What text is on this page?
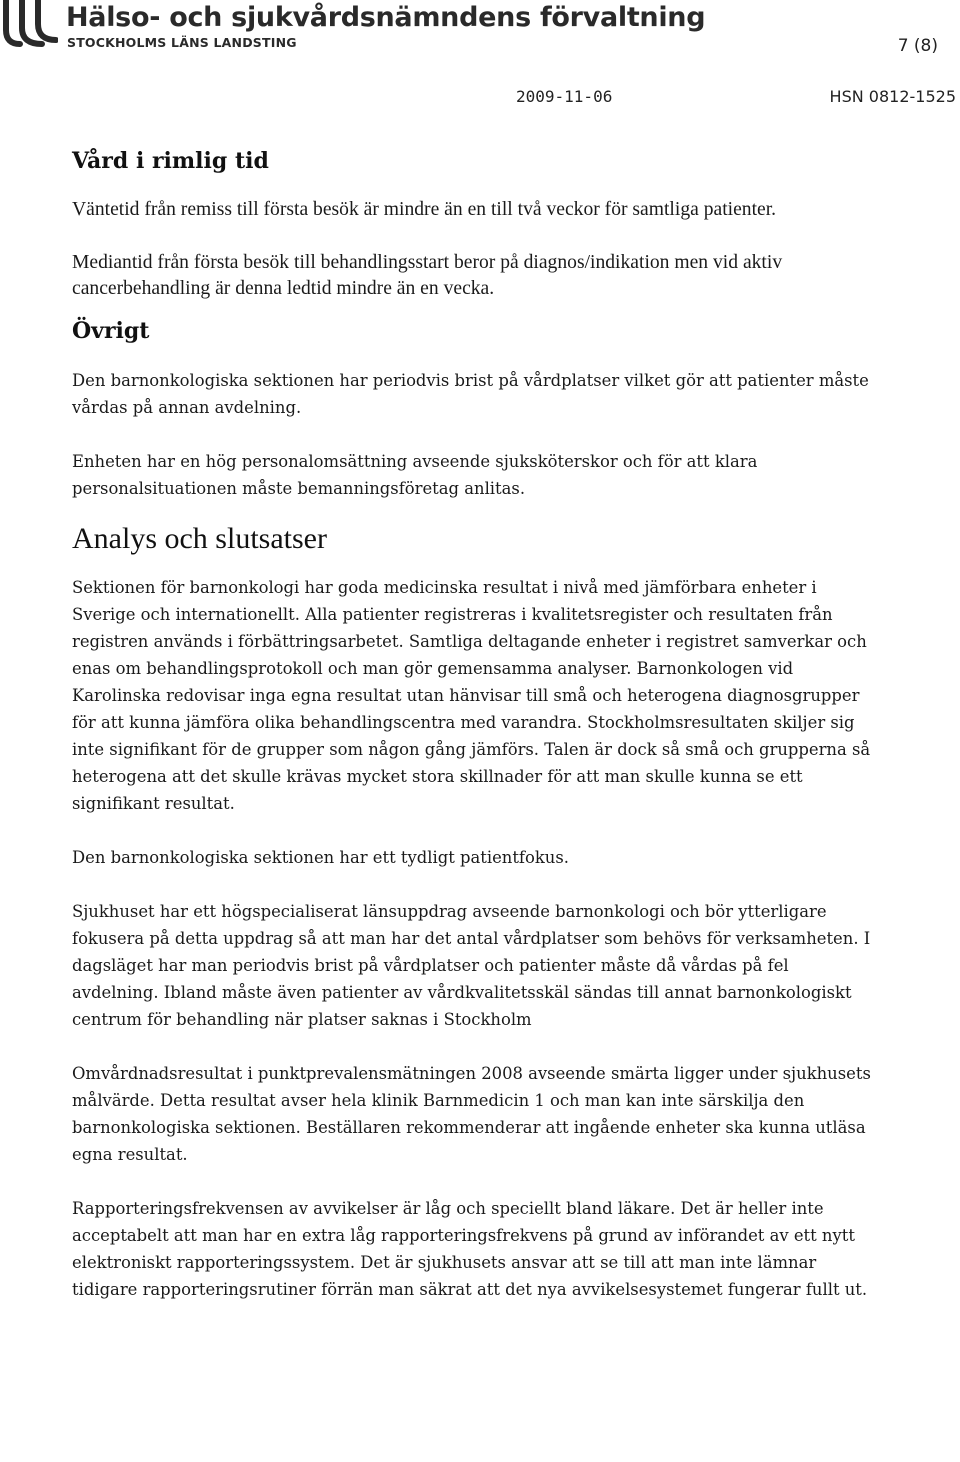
Hälso- och sjukvårdsnämndens förvaltning
STOCKHOLMS LÄNS LANDSTING	7 (8)
2009-11-06	HSN 0812-1525
Vård i rimlig tid

Väntetid från remiss till första besök är mindre än en till två veckor för samtliga patienter.

Mediantid från första besök till behandlingsstart beror på diagnos/indikation men vid aktiv cancerbehandling är denna ledtid mindre än en vecka.

Övrigt

Den barnonkologiska sektionen har periodvis brist på vårdplatser vilket gör att patienter måste vårdas på annan avdelning.

Enheten har en hög personalomsättning avseende sjuksköterskor och för att klara personalsituationen måste bemanningsföretag anlitas.

Analys och slutsatser

Sektionen för barnonkologi har goda medicinska resultat i nivå med jämförbara enheter i Sverige och internationellt. Alla patienter registreras i kvalitetsregister och resultaten från registren används i förbättringsarbetet. Samtliga deltagande enheter i registret samverkar och enas om behandlingsprotokoll och man gör gemensamma analyser. Barnonkologen vid Karolinska redovisar inga egna resultat utan hänvisar till små och heterogena diagnosgrupper för att kunna jämföra olika behandlingscentra med varandra. Stockholmsresultaten skiljer sig inte signifikant för de grupper som någon gång jämförs. Talen är dock så små och grupperna så heterogena att det skulle krävas mycket stora skillnader för att man skulle kunna se ett signifikant resultat.

Den barnonkologiska sektionen har ett tydligt patientfokus.

Sjukhuset har ett högspecialiserat länsuppdrag avseende barnonkologi och bör ytterligare fokusera på detta uppdrag så att man har det antal vårdplatser som behövs för verksamheten. I dagsläget har man periodvis brist på vårdplatser och patienter måste då vårdas på fel avdelning. Ibland måste även patienter av vårdkvalitetsskäl sändas till annat barnonkologiskt centrum för behandling när platser saknas i Stockholm

Omvårdnadsresultat i punktprevalensmätningen 2008 avseende smärta ligger under sjukhusets målvärde. Detta resultat avser hela klinik Barnmedicin 1 och man kan inte särskilja den barnonkologiska sektionen. Beställaren rekommenderar att ingående enheter ska kunna utläsa egna resultat.

Rapporteringsfrekvensen av avvikelser är låg och speciellt bland läkare. Det är heller inte acceptabelt att man har en extra låg rapporteringsfrekvens på grund av införandet av ett nytt elektroniskt rapporteringssystem. Det är sjukhusets ansvar att se till att man inte lämnar tidigare rapporteringsrutiner förrän man säkrat att det nya avvikelsesystemet fungerar fullt ut.
